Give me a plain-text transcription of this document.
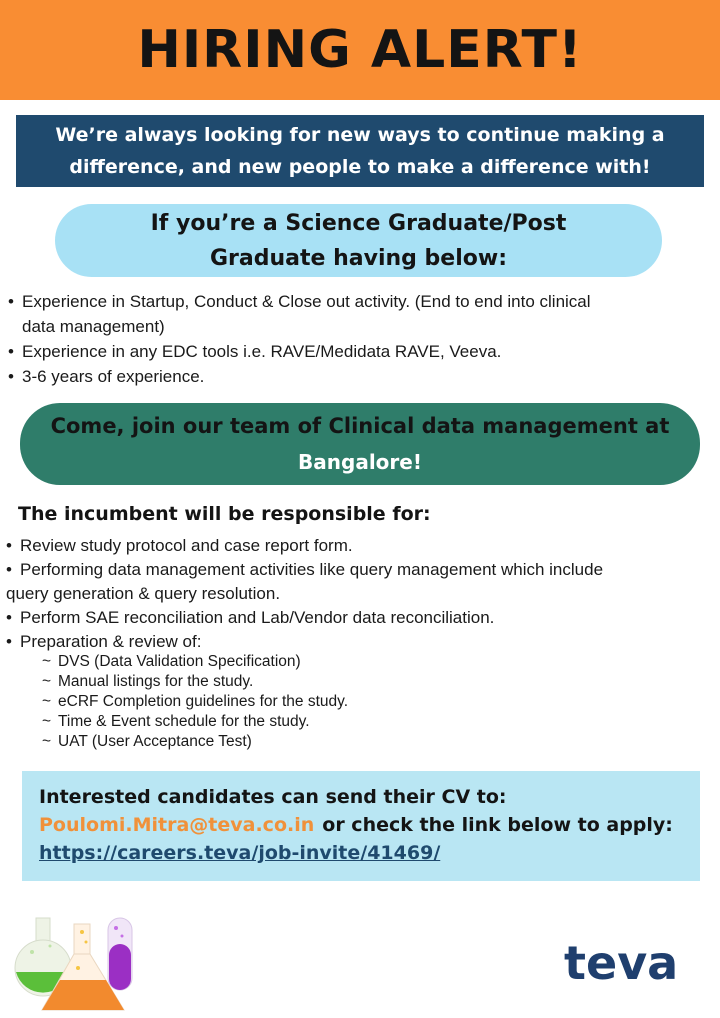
HIRING ALERT!
We’re always looking for new ways to continue making a difference, and new people to make a difference with!
If you’re a Science Graduate/Post
Graduate having below:
• Experience in Startup, Conduct & Close out activity. (End to end into clinical
data management)
• Experience in any EDC tools i.e. RAVE/Medidata RAVE, Veeva.
• 3-6 years of experience.
Come, join our team of Clinical data management at
Bangalore!
The incumbent will be responsible for:
• Review study protocol and case report form.
• Performing data management activities like query management which include
query generation & query resolution.
• Perform SAE reconciliation and Lab/Vendor data reconciliation.
• Preparation & review of:
~ DVS (Data Validation Specification)
~ Manual listings for the study.
~ eCRF Completion guidelines for the study.
~ Time & Event schedule for the study.
~ UAT (User Acceptance Test)
Interested candidates can send their CV to:
Poulomi.Mitra@teva.co.in or check the link below to apply:
https://careers.teva/job-invite/41469/
teva
